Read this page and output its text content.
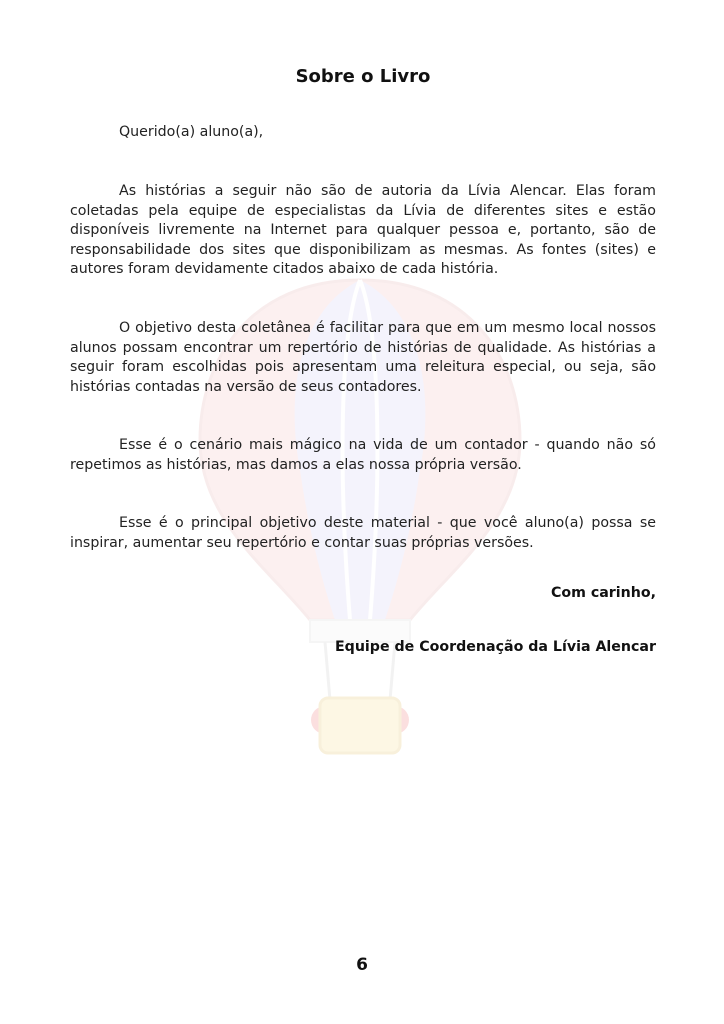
Sobre o Livro

Querido(a) aluno(a),

As histórias a seguir não são de autoria da Lívia Alencar. Elas foram coletadas pela equipe de especialistas da Lívia de diferentes sites e estão disponíveis livremente na Internet para qualquer pessoa e, portanto, são de responsabilidade dos sites que disponibilizam as mesmas. As fontes (sites) e autores foram devidamente citados abaixo de cada história.

O objetivo desta coletânea é facilitar para que em um mesmo local nossos alunos possam encontrar um repertório de histórias de qualidade. As histórias a seguir foram escolhidas pois apresentam uma releitura especial, ou seja, são histórias contadas na versão de seus contadores.

Esse é o cenário mais mágico na vida de um contador - quando não só repetimos as histórias, mas damos a elas nossa própria versão.

Esse é o principal objetivo deste material - que você aluno(a) possa se inspirar, aumentar seu repertório e contar suas próprias versões.

Com carinho,

Equipe de Coordenação da Lívia Alencar

6
